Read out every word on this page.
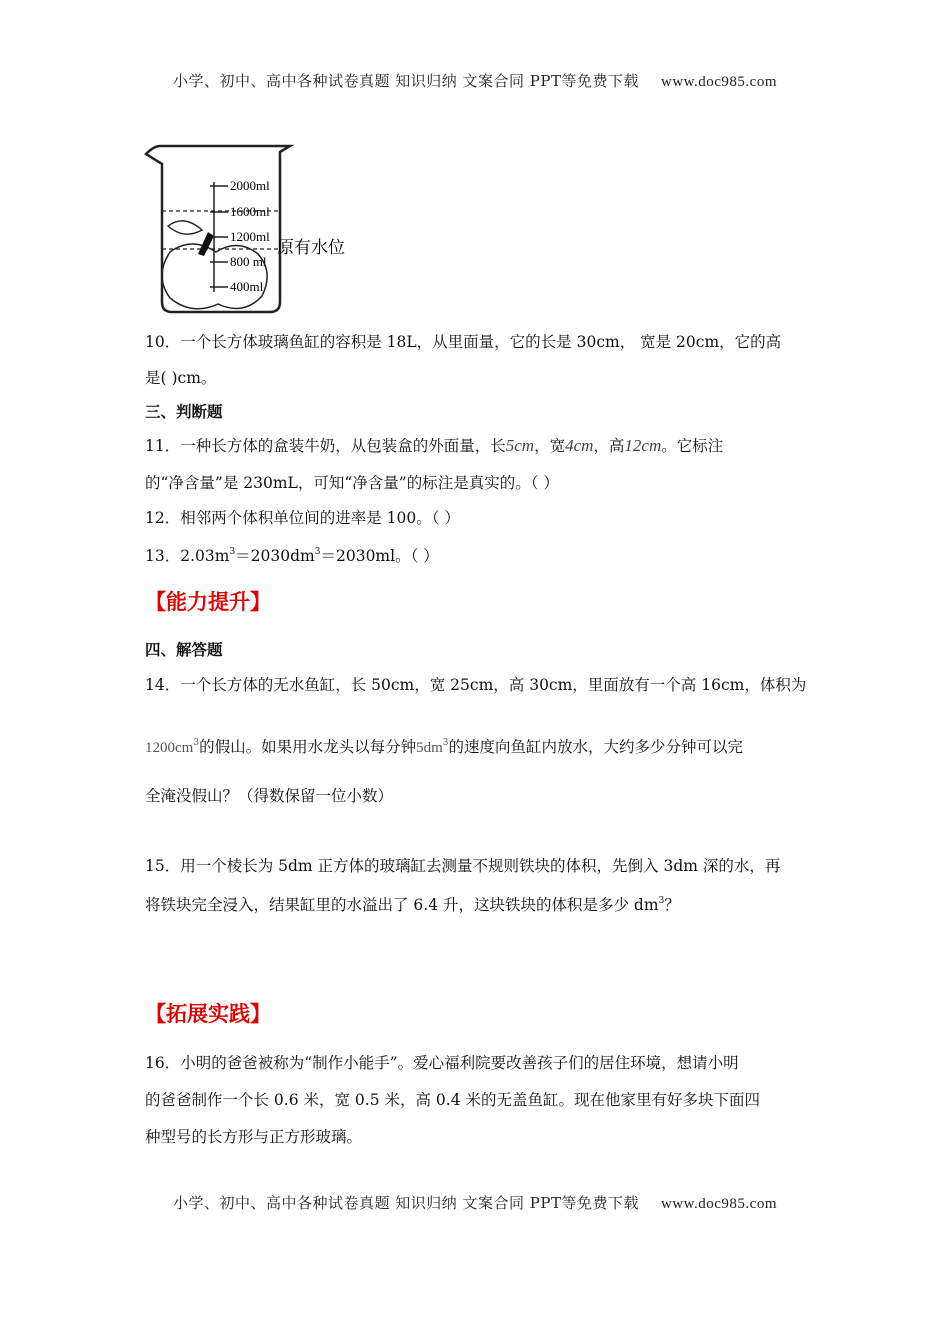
小学、初中、高中各种试卷真题 知识归纳 文案合同 PPT等免费下载 www.doc985.com
2000ml
1600ml
1200ml
800 ml
400ml
原有水位
10．一个长方体玻璃鱼缸的容积是 18L，从里面量，它的长是 30cm， 宽是 20cm，它的高
是( )cm。
三、判断题
11．一种长方体的盒装牛奶，从包装盒的外面量，长5cm，宽4cm，高12cm。它标注
的“净含量”是 230mL，可知“净含量”的标注是真实的。（ ）
12．相邻两个体积单位间的进率是 100。（ ）
13．$2.03m^3=2030dm^3=2030ml$。（ ）
【能力提升】
四、解答题
14．一个长方体的无水鱼缸，长 50cm，宽 25cm，高 30cm，里面放有一个高 16cm，体积为
$1200cm^3$的假山。如果用水龙头以每分钟$5dm^3$的速度向鱼缸内放水，大约多少分钟可以完
全淹没假山？（得数保留一位小数）
15．用一个棱长为 5dm 正方体的玻璃缸去测量不规则铁块的体积，先倒入 3dm 深的水，再
将铁块完全浸入，结果缸里的水溢出了 6.4 升，这块铁块的体积是多少 $dm^3$？
【拓展实践】
16．小明的爸爸被称为“制作小能手”。爱心福利院要改善孩子们的居住环境，想请小明
的爸爸制作一个长 0.6 米，宽 0.5 米，高 0.4 米的无盖鱼缸。现在他家里有好多块下面四
种型号的长方形与正方形玻璃。
小学、初中、高中各种试卷真题 知识归纳 文案合同 PPT等免费下载 www.doc985.com
